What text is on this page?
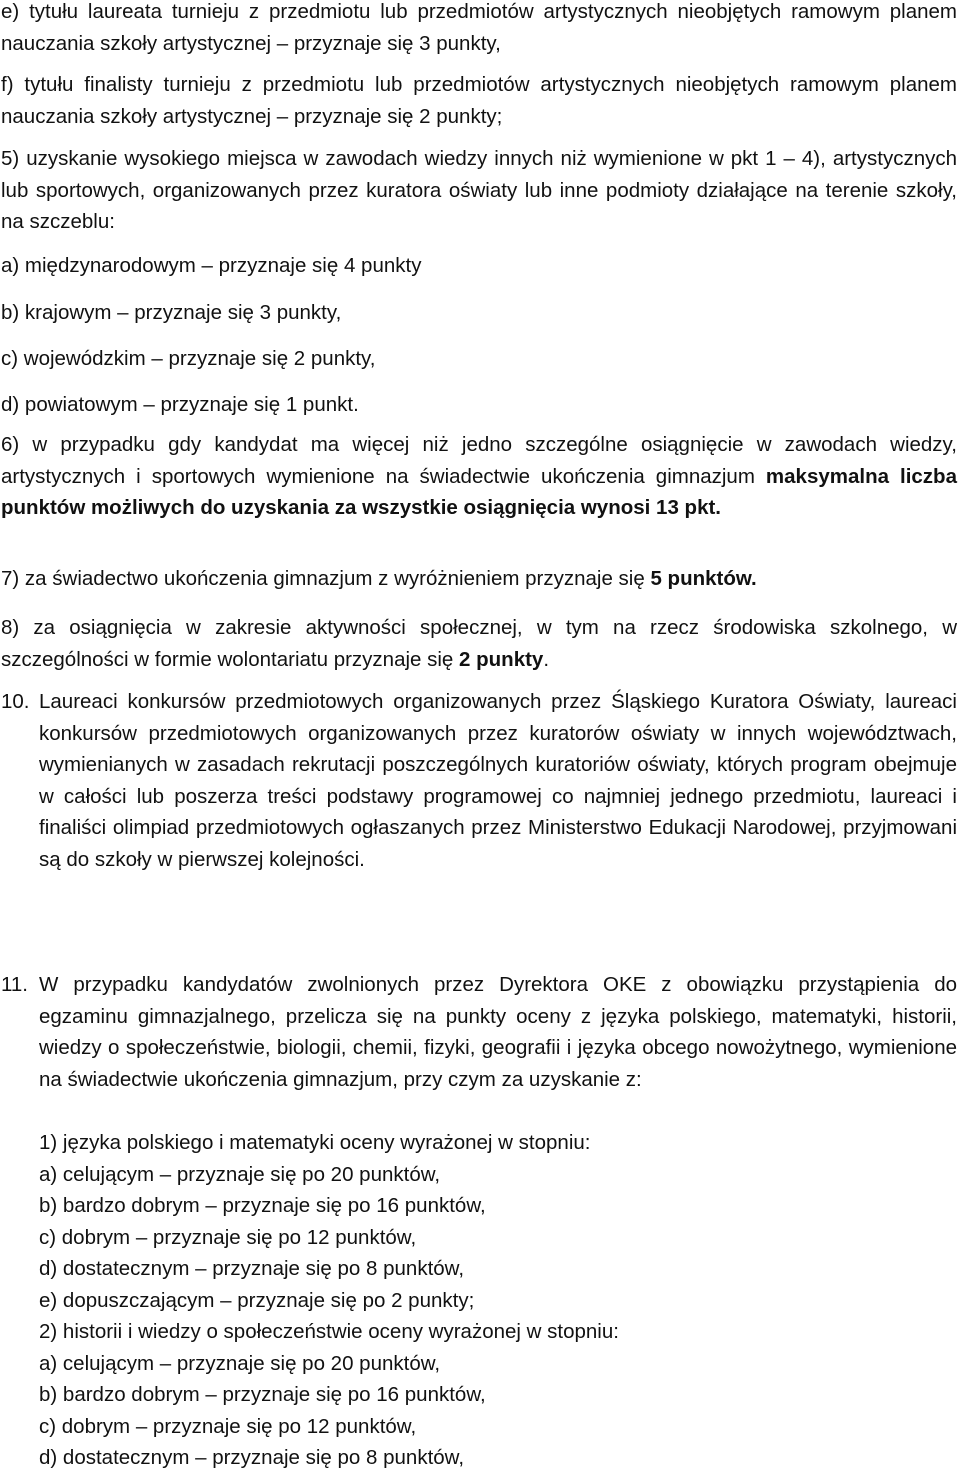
e) tytułu laureata turnieju z przedmiotu lub przedmiotów artystycznych nieobjętych ramowym planem nauczania szkoły artystycznej – przyznaje się 3 punkty,

f) tytułu finalisty turnieju z przedmiotu lub przedmiotów artystycznych nieobjętych ramowym planem nauczania szkoły artystycznej – przyznaje się 2 punkty;

5) uzyskanie wysokiego miejsca w zawodach wiedzy innych niż wymienione w pkt 1 – 4), artystycznych lub sportowych, organizowanych przez kuratora oświaty lub inne podmioty działające na terenie szkoły, na szczeblu:

a) międzynarodowym – przyznaje się 4 punkty

b) krajowym – przyznaje się 3 punkty,

c) wojewódzkim – przyznaje się 2 punkty,

d) powiatowym – przyznaje się 1 punkt.

6) w przypadku gdy kandydat ma więcej niż jedno szczególne osiągnięcie w zawodach wiedzy, artystycznych i sportowych wymienione na świadectwie ukończenia gimnazjum maksymalna liczba punktów możliwych do uzyskania za wszystkie osiągnięcia wynosi 13 pkt.

7) za świadectwo ukończenia gimnazjum z wyróżnieniem przyznaje się 5 punktów.

8) za osiągnięcia w zakresie aktywności społecznej, w tym na rzecz środowiska szkolnego, w szczególności w formie wolontariatu przyznaje się 2 punkty.

10. Laureaci konkursów przedmiotowych organizowanych przez Śląskiego Kuratora Oświaty, laureaci konkursów przedmiotowych organizowanych przez kuratorów oświaty w innych województwach, wymienianych w zasadach rekrutacji poszczególnych kuratoriów oświaty, których program obejmuje w całości lub poszerza treści podstawy programowej co najmniej jednego przedmiotu, laureaci i finaliści olimpiad przedmiotowych ogłaszanych przez Ministerstwo Edukacji Narodowej, przyjmowani są do szkoły w pierwszej kolejności.

11. W przypadku kandydatów zwolnionych przez Dyrektora OKE z obowiązku przystąpienia do egzaminu gimnazjalnego, przelicza się na punkty oceny z języka polskiego, matematyki, historii, wiedzy o społeczeństwie, biologii, chemii, fizyki, geografii i języka obcego nowożytnego, wymienione na świadectwie ukończenia gimnazjum, przy czym za uzyskanie z:

1) języka polskiego i matematyki oceny wyrażonej w stopniu:

a) celującym – przyznaje się po 20 punktów,

b) bardzo dobrym – przyznaje się po 16 punktów,

c) dobrym – przyznaje się po 12 punktów,

d) dostatecznym – przyznaje się po 8 punktów,

e) dopuszczającym – przyznaje się po 2 punkty;

2) historii i wiedzy o społeczeństwie oceny wyrażonej w stopniu:

a) celującym – przyznaje się po 20 punktów,

b) bardzo dobrym – przyznaje się po 16 punktów,

c) dobrym – przyznaje się po 12 punktów,

d) dostatecznym – przyznaje się po 8 punktów,
